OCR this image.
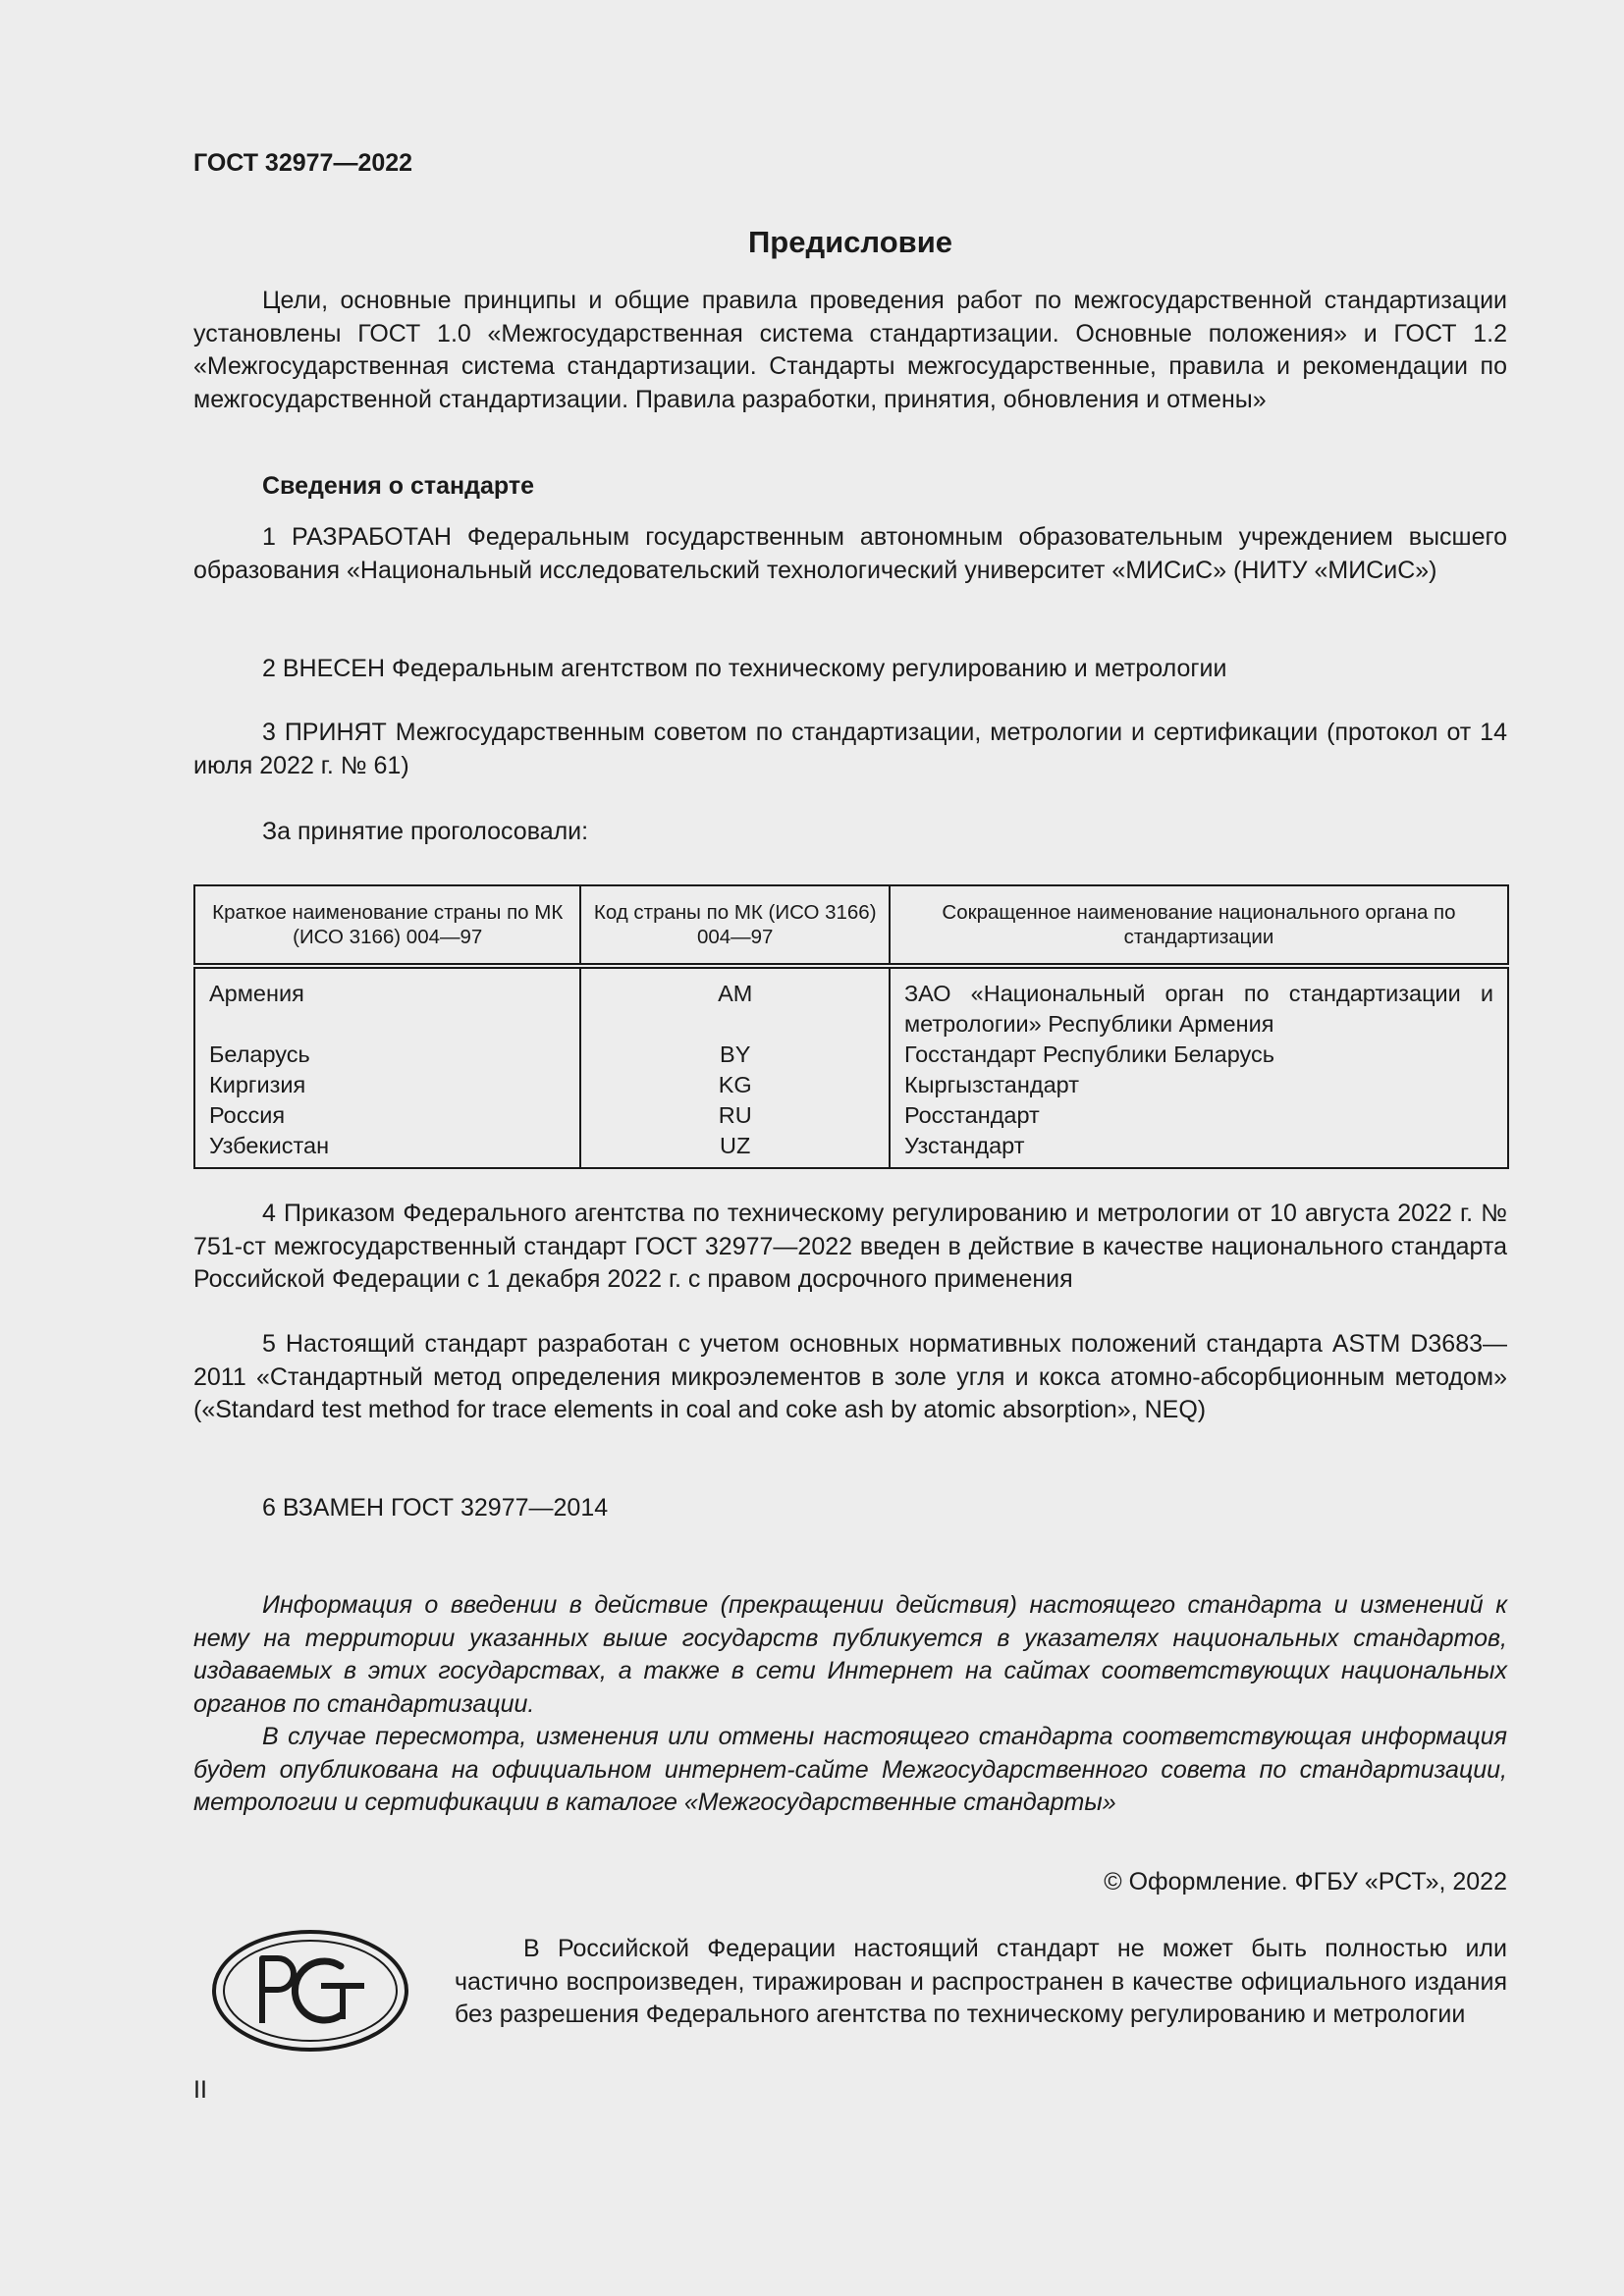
ГОСТ 32977—2022
Предисловие

Цели, основные принципы и общие правила проведения работ по межгосударственной стандартизации установлены ГОСТ 1.0 «Межгосударственная система стандартизации. Основные положения» и ГОСТ 1.2 «Межгосударственная система стандартизации. Стандарты межгосударственные, правила и рекомендации по межгосударственной стандартизации. Правила разработки, принятия, обновления и отмены»

Сведения о стандарте

1 РАЗРАБОТАН Федеральным государственным автономным образовательным учреждением высшего образования «Национальный исследовательский технологический университет «МИСиС» (НИТУ «МИСиС»)

2 ВНЕСЕН Федеральным агентством по техническому регулированию и метрологии

3 ПРИНЯТ Межгосударственным советом по стандартизации, метрологии и сертификации (протокол от 14 июля 2022 г. № 61)

За принятие проголосовали:

Краткое наименование страны по МК (ИСО 3166) 004—97	Код страны по МК (ИСО 3166) 004—97	Сокращенное наименование национального органа по стандартизации
Армения	AM	ЗАО «Национальный орган по стандартизации и метрологии» Республики Армения
Беларусь	BY	Госстандарт Республики Беларусь
Киргизия	KG	Кыргызстандарт
Россия	RU	Росстандарт
Узбекистан	UZ	Узстандарт

4 Приказом Федерального агентства по техническому регулированию и метрологии от 10 августа 2022 г. № 751-ст межгосударственный стандарт ГОСТ 32977—2022 введен в действие в качестве национального стандарта Российской Федерации с 1 декабря 2022 г. с правом досрочного применения

5 Настоящий стандарт разработан с учетом основных нормативных положений стандарта ASTM D3683—2011 «Стандартный метод определения микроэлементов в золе угля и кокса атомно-абсорбционным методом» («Standard test method for trace elements in coal and coke ash by atomic absorption», NEQ)

6 ВЗАМЕН ГОСТ 32977—2014

Информация о введении в действие (прекращении действия) настоящего стандарта и изменений к нему на территории указанных выше государств публикуется в указателях национальных стандартов, издаваемых в этих государствах, а также в сети Интернет на сайтах соответствующих национальных органов по стандартизации.

В случае пересмотра, изменения или отмены настоящего стандарта соответствующая информация будет опубликована на официальном интернет-сайте Межгосударственного совета по стандартизации, метрологии и сертификации в каталоге «Межгосударственные стандарты»

© Оформление. ФГБУ «РСТ», 2022

В Российской Федерации настоящий стандарт не может быть полностью или частично воспроизведен, тиражирован и распространен в качестве официального издания без разрешения Федерального агентства по техническому регулированию и метрологии

II
